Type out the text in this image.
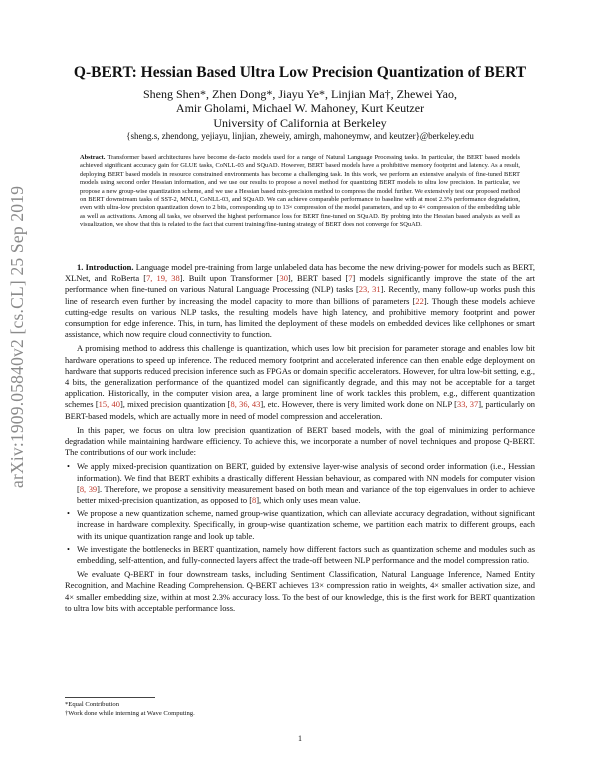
arXiv:1909.05840v2 [cs.CL] 25 Sep 2019
Q-BERT: Hessian Based Ultra Low Precision Quantization of BERT
Sheng Shen*, Zhen Dong*, Jiayu Ye*, Linjian Ma†, Zhewei Yao,
Amir Gholami, Michael W. Mahoney, Kurt Keutzer
University of California at Berkeley
{sheng.s, zhendong, yejiayu, linjian, zheweiy, amirgh, mahoneymw, and keutzer}@berkeley.edu
Abstract. Transformer based architectures have become de-facto models used for a range of Natural Language Processing tasks. In particular, the BERT based models achieved significant accuracy gain for GLUE tasks, CoNLL-03 and SQuAD. However, BERT based models have a prohibitive memory footprint and latency. As a result, deploying BERT based models in resource constrained environments has become a challenging task. In this work, we perform an extensive analysis of fine-tuned BERT models using second order Hessian information, and we use our results to propose a novel method for quantizing BERT models to ultra low precision. In particular, we propose a new group-wise quantization scheme, and we use a Hessian based mix-precision method to compress the model further. We extensively test our proposed method on BERT downstream tasks of SST-2, MNLI, CoNLL-03, and SQuAD. We can achieve comparable performance to baseline with at most 2.3% performance degradation, even with ultra-low precision quantization down to 2 bits, corresponding up to 13× compression of the model parameters, and up to 4× compression of the embedding table as well as activations. Among all tasks, we observed the highest performance loss for BERT fine-tuned on SQuAD. By probing into the Hessian based analysis as well as visualization, we show that this is related to the fact that current training/fine-tuning strategy of BERT does not converge for SQuAD.

1. Introduction. Language model pre-training from large unlabeled data has become the new driving-power for models such as BERT, XLNet, and RoBerta [7, 19, 38]. Built upon Transformer [30], BERT based [7] models significantly improve the state of the art performance when fine-tuned on various Natural Language Processing (NLP) tasks [23, 31]. Recently, many follow-up works push this line of research even further by increasing the model capacity to more than billions of parameters [22]. Though these models achieve cutting-edge results on various NLP tasks, the resulting models have high latency, and prohibitive memory footprint and power consumption for edge inference. This, in turn, has limited the deployment of these models on embedded devices like cellphones or smart assistance, which now require cloud connectivity to function.

A promising method to address this challenge is quantization, which uses low bit precision for parameter storage and enables low bit hardware operations to speed up inference. The reduced memory footprint and accelerated inference can then enable edge deployment on hardware that supports reduced precision inference such as FPGAs or domain specific accelerators. However, for ultra low-bit setting, e.g., 4 bits, the generalization performance of the quantized model can significantly degrade, and this may not be acceptable for a target application. Historically, in the computer vision area, a large prominent line of work tackles this problem, e.g., different quantization schemes [15, 40], mixed precision quantization [8, 36, 43], etc. However, there is very limited work done on NLP [33, 37], particularly on BERT-based models, which are actually more in need of model compression and acceleration.

In this paper, we focus on ultra low precision quantization of BERT based models, with the goal of minimizing performance degradation while maintaining hardware efficiency. To achieve this, we incorporate a number of novel techniques and propose Q-BERT. The contributions of our work include:

• We apply mixed-precision quantization on BERT, guided by extensive layer-wise analysis of second order information (i.e., Hessian information). We find that BERT exhibits a drastically different Hessian behaviour, as compared with NN models for computer vision [8, 39]. Therefore, we propose a sensitivity measurement based on both mean and variance of the top eigenvalues in order to achieve better mixed-precision quantization, as opposed to [8], which only uses mean value.
• We propose a new quantization scheme, named group-wise quantization, which can alleviate accuracy degradation, without significant increase in hardware complexity. Specifically, in group-wise quantization scheme, we partition each matrix to different groups, each with its unique quantization range and look up table.
• We investigate the bottlenecks in BERT quantization, namely how different factors such as quantization scheme and modules such as embedding, self-attention, and fully-connected layers affect the trade-off between NLP performance and the model compression ratio.

We evaluate Q-BERT in four downstream tasks, including Sentiment Classification, Natural Language Inference, Named Entity Recognition, and Machine Reading Comprehension. Q-BERT achieves 13× compression ratio in weights, 4× smaller activation size, and 4× smaller embedding size, within at most 2.3% accuracy loss. To the best of our knowledge, this is the first work for BERT quantization to ultra low bits with acceptable performance loss.

*Equal Contribution
†Work done while interning at Wave Computing.
1
